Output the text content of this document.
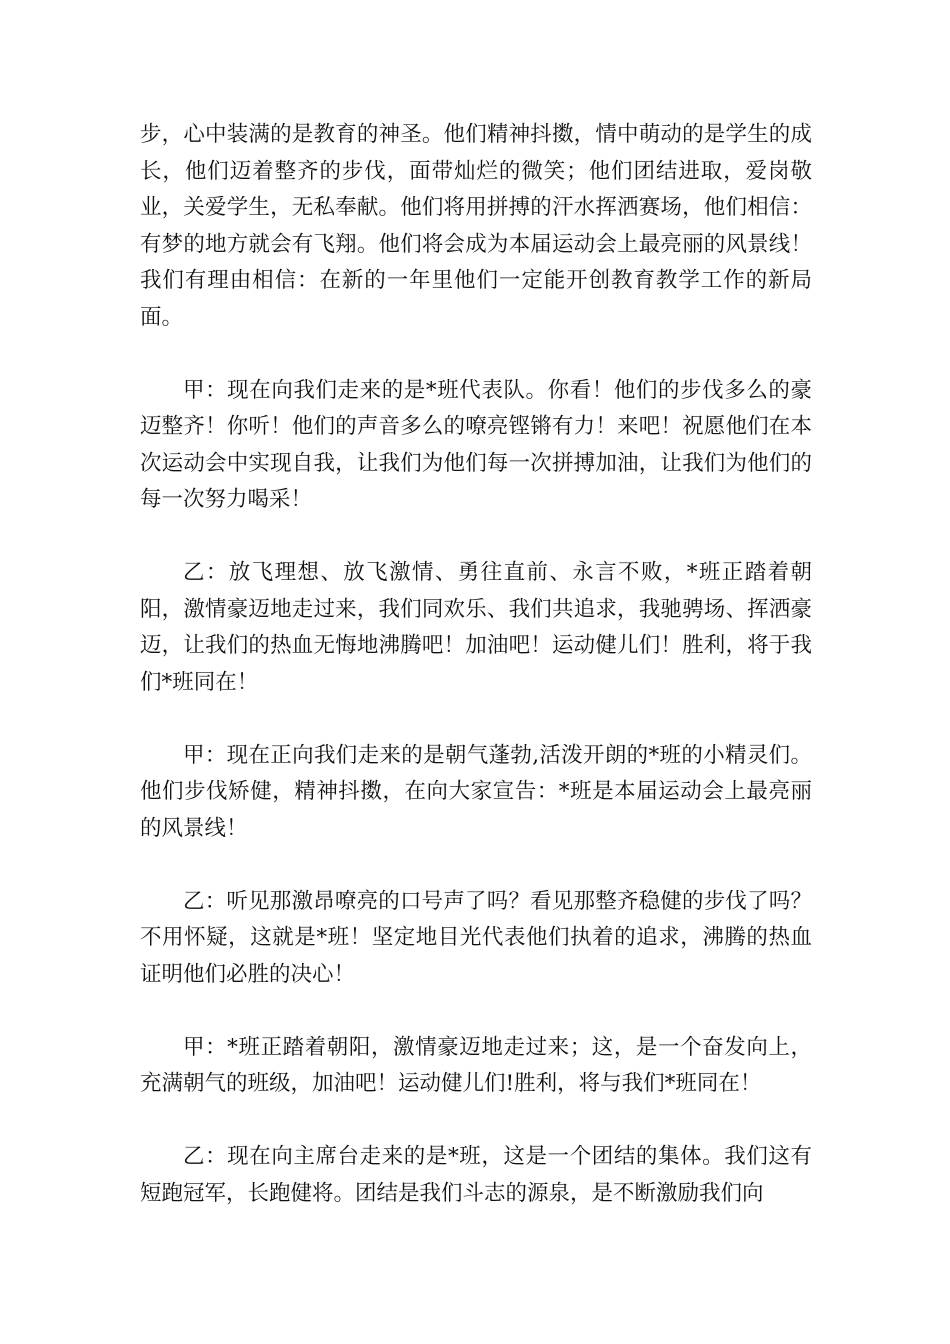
步，心中装满的是教育的神圣。他们精神抖擞，情中萌动的是学生的成长，他们迈着整齐的步伐，面带灿烂的微笑；他们团结进取，爱岗敬业，关爱学生，无私奉献。他们将用拼搏的汗水挥洒赛场，他们相信：有梦的地方就会有飞翔。他们将会成为本届运动会上最亮丽的风景线！我们有理由相信：在新的一年里他们一定能开创教育教学工作的新局面。

甲：现在向我们走来的是*班代表队。你看！他们的步伐多么的豪迈整齐！你听！他们的声音多么的嘹亮铿锵有力！来吧！祝愿他们在本次运动会中实现自我，让我们为他们每一次拼搏加油，让我们为他们的每一次努力喝采！

乙：放飞理想、放飞激情、勇往直前、永言不败，*班正踏着朝阳，激情豪迈地走过来，我们同欢乐、我们共追求，我驰骋场、挥洒豪迈，让我们的热血无悔地沸腾吧！加油吧！运动健儿们！胜利，将于我们*班同在！

甲：现在正向我们走来的是朝气蓬勃,活泼开朗的*班的小精灵们。他们步伐矫健，精神抖擞，在向大家宣告：*班是本届运动会上最亮丽的风景线！

乙：听见那激昂嘹亮的口号声了吗？看见那整齐稳健的步伐了吗？不用怀疑，这就是*班！坚定地目光代表他们执着的追求，沸腾的热血证明他们必胜的决心！

甲：*班正踏着朝阳，激情豪迈地走过来；这，是一个奋发向上，充满朝气的班级，加油吧！运动健儿们!胜利，将与我们*班同在！

乙：现在向主席台走来的是*班，这是一个团结的集体。我们这有短跑冠军，长跑健将。团结是我们斗志的源泉，是不断激励我们向
